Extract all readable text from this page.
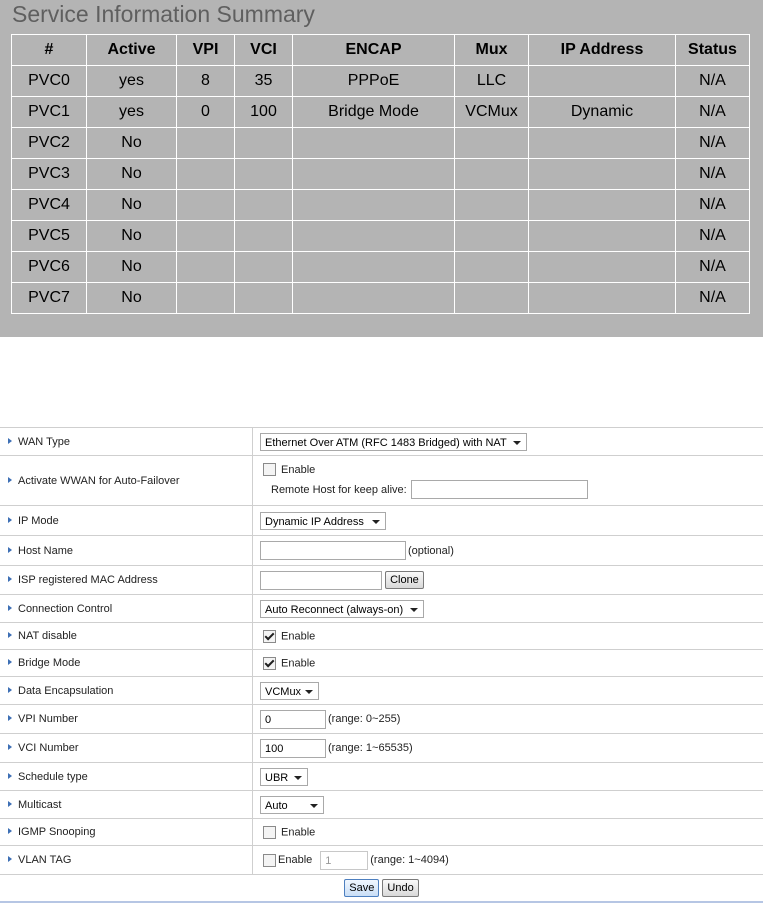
Service Information Summary
#	Active	VPI	VCI	ENCAP	Mux	IP Address	Status
PVC0	yes	8	35	PPPoE	LLC		N/A
PVC1	yes	0	100	Bridge Mode	VCMux	Dynamic	N/A
PVC2	No						N/A
PVC3	No						N/A
PVC4	No						N/A
PVC5	No						N/A
PVC6	No						N/A
PVC7	No						N/A
WAN Type	Ethernet Over ATM (RFC 1483 Bridged) with NAT

Activate WWAN for Auto-Failover	Enable
Remote Host for keep alive:

IP Mode	Dynamic IP Address

Host Name	(optional)
ISP registered MAC Address	Clone
Connection Control	Auto Reconnect (always-on)

NAT disable	Enable
Bridge Mode	Enable
Data Encapsulation	VCMux

VPI Number	0 (range: 0~255)
VCI Number	100 (range: 1~65535)
Schedule type	UBR

Multicast	Auto

IGMP Snooping	Enable
VLAN TAG	Enable 1 (range: 1~4094)
Save Undo	
